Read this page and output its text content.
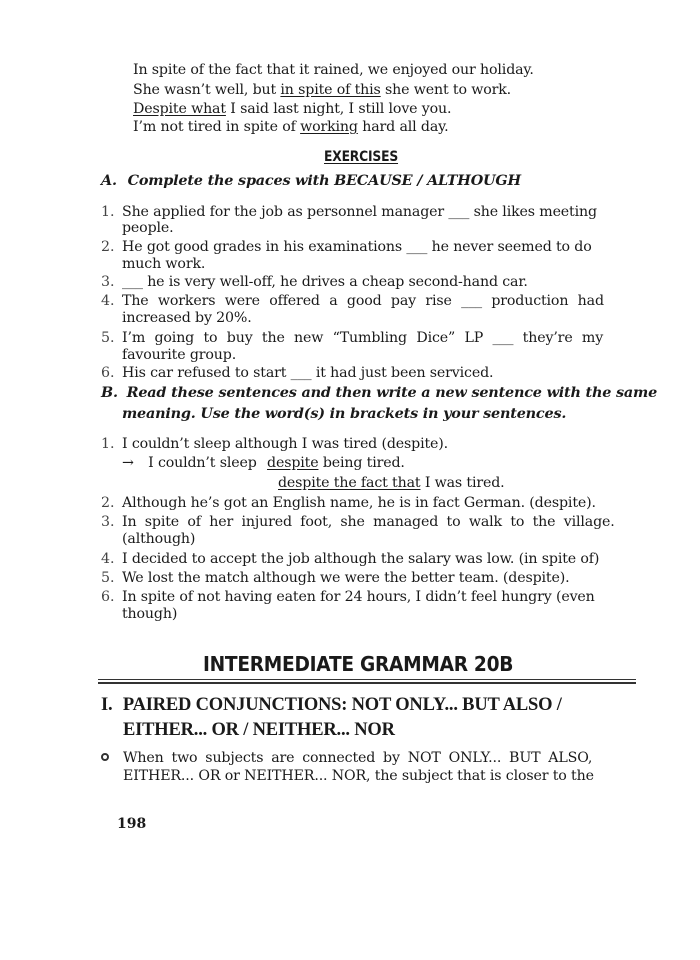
In spite of the fact that it rained, we enjoyed our holiday.
She wasn’t well, but in spite of this she went to work.
Despite what I said last night, I still love you.
I’m not tired in spite of working hard all day.
EXERCISES
A. Complete the spaces with BECAUSE / ALTHOUGH
1. She applied for the job as personnel manager ___ she likes meeting
people.
2. He got good grades in his examinations ___ he never seemed to do
much work.
3. ___ he is very well-off, he drives a cheap second-hand car.
4. The workers were offered a good pay rise ___ production had
increased by 20%.
5. I’m going to buy the new “Tumbling Dice” LP ___ they’re my
favourite group.
6. His car refused to start ___ it had just been serviced.
B. Read these sentences and then write a new sentence with the same
meaning. Use the word(s) in brackets in your sentences.
1. I couldn’t sleep although I was tired (despite).
→ I couldn’t sleep despite being tired.
despite the fact that I was tired.
2. Although he’s got an English name, he is in fact German. (despite).
3. In spite of her injured foot, she managed to walk to the village.
(although)
4. I decided to accept the job although the salary was low. (in spite of)
5. We lost the match although we were the better team. (despite).
6. In spite of not having eaten for 24 hours, I didn’t feel hungry (even
though)
INTERMEDIATE GRAMMAR 20B
I. PAIRED CONJUNCTIONS: NOT ONLY... BUT ALSO /
EITHER... OR / NEITHER... NOR
When two subjects are connected by NOT ONLY... BUT ALSO,
EITHER... OR or NEITHER... NOR, the subject that is closer to the
198
